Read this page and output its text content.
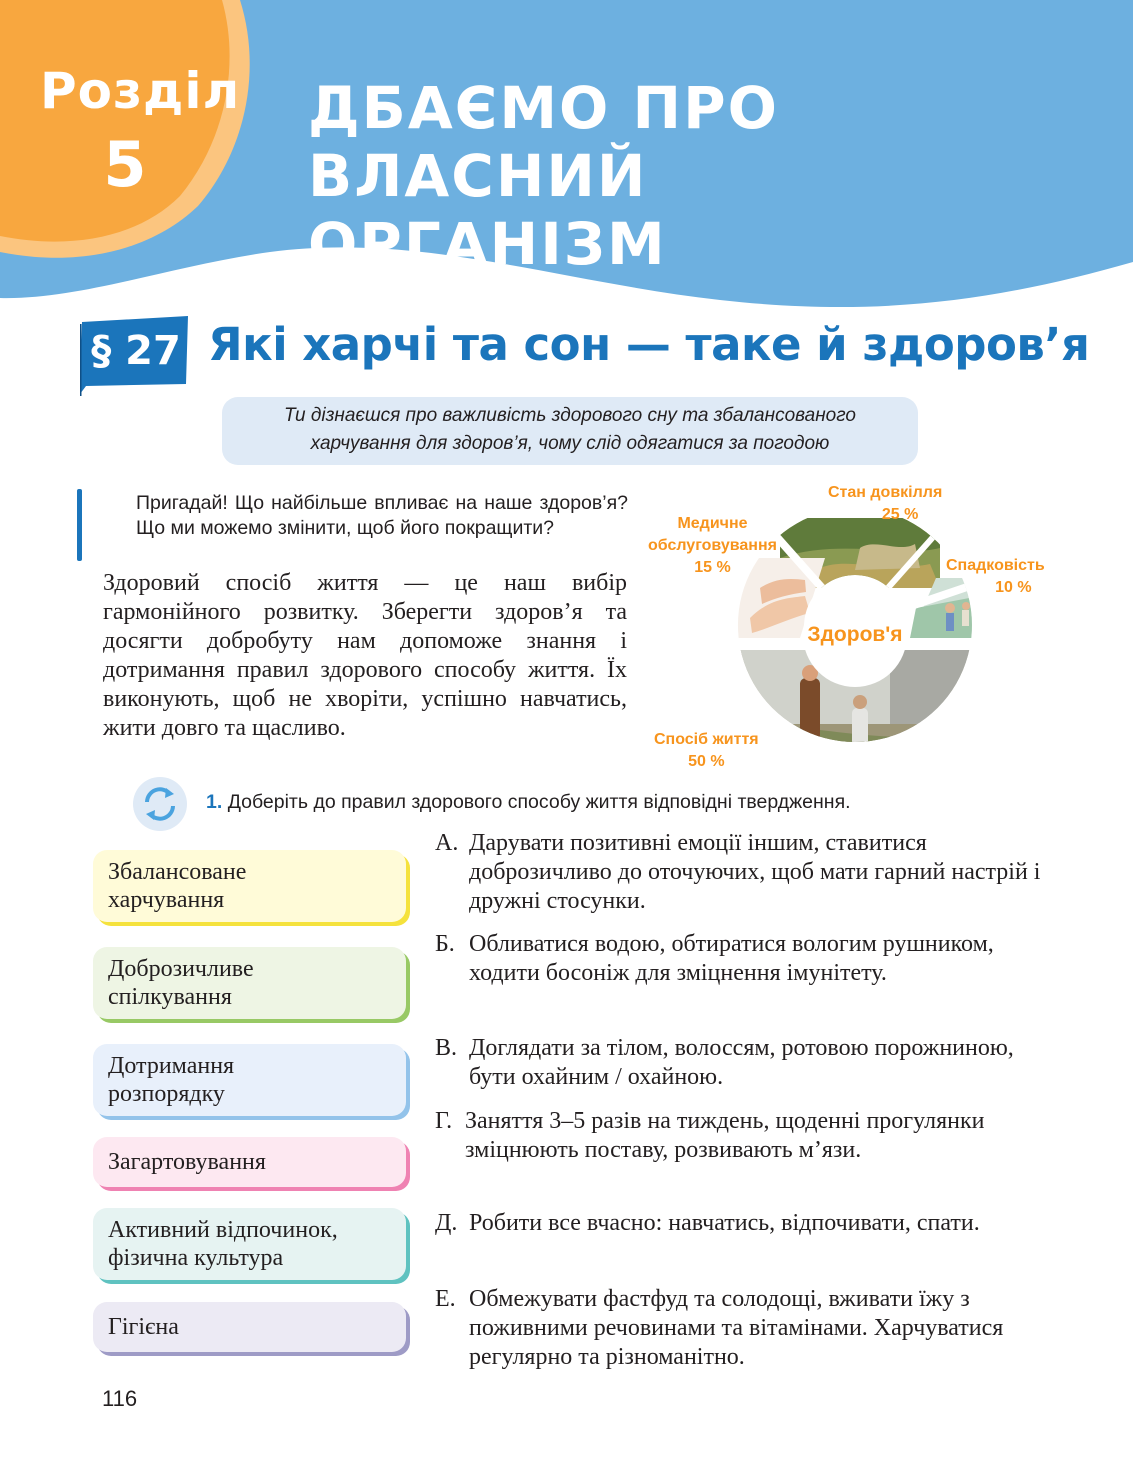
Розділ
5
ДБАЄМО ПРО ВЛАСНИЙ
ОРГАНІЗМ
§ 27 Які харчі та сон — таке й здоров’я
Ти дізнаєшся про важливість здорового сну та збалансованого
харчування для здоров’я, чому слід одягатися за погодою
Пригадай! Що найбільше впливає на наше здоров’я? Що ми можемо змінити, щоб його покращити?
Здоровий спосіб життя — це наш вибір гармонійного розвитку. Зберегти здоров’я та досягти добробуту нам допоможе знання і дотримання правил здорового способу життя. Їх виконують, щоб не хворіти, успішно навчатись, жити довго та щасливо.
Стан довкілля
25 %
Спадковість
10 %
Спосіб життя
50 %
Медичне
обслуговування
15 %
Здоров'я
1. Доберіть до правил здорового способу життя відповідні твердження.
Збалансоване
харчування
Доброзичливе
спілкування
Дотримання
розпорядку
Загартовування
Активний відпочинок,
фізична культура
Гігієна
А. Дарувати позитивні емоції іншим, ставитися доброзичливо до оточуючих, щоб мати гарний настрій і дружні стосунки.
Б. Обливатися водою, обтиратися вологим рушником, ходити босоніж для зміцнення імунітету.
В. Доглядати за тілом, волоссям, ротовою порожниною, бути охайним / охайною.
Г. Заняття 3–5 разів на тиждень, щоденні прогулянки зміцнюють поставу, розвивають м’язи.
Д. Робити все вчасно: навчатись, відпочивати, спати.
Е. Обмежувати фастфуд та солодощі, вживати їжу з поживними речовинами та вітамінами. Харчуватися регулярно та різноманітно.
116
